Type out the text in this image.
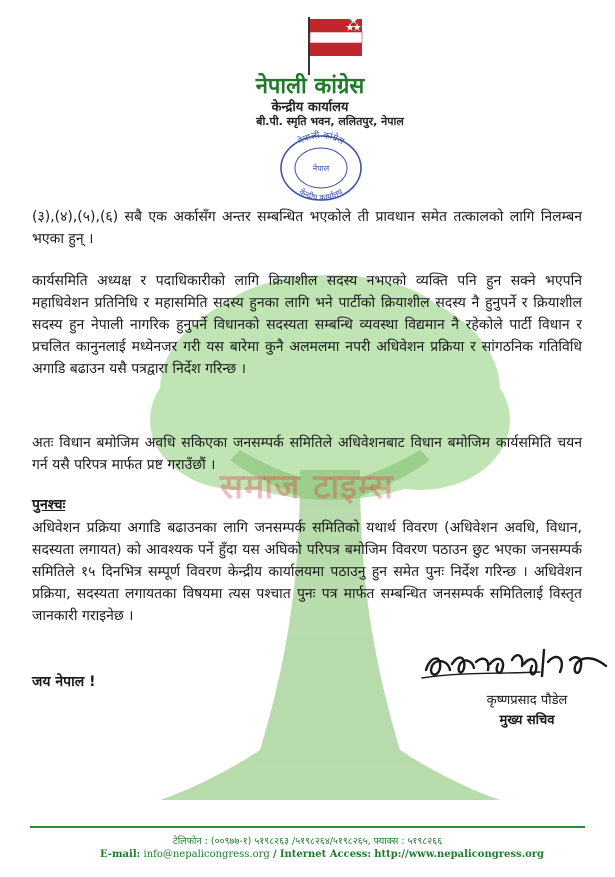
समाज टाइम्स
नेपाली कांग्रेस
केन्द्रीय कार्यालय
बी.पी. स्मृति भवन, ललितपुर, नेपाल
नेपाली कांग्रेस
नेपाल
केन्द्रीय कार्यालय
(३),(४),(५),(६) सबै एक अर्कासँग अन्तर सम्बन्धित भएकोले ती प्रावधान समेत तत्कालको लागि निलम्बन भएका हुन् ।
कार्यसमिति अध्यक्ष र पदाधिकारीको लागि क्रियाशील सदस्य नभएको व्यक्ति पनि हुन सक्ने भएपनि महाधिवेशन प्रतिनिधि र महासमिति सदस्य हुनका लागि भने पार्टीको क्रियाशील सदस्य नै हुनुपर्ने र क्रियाशील सदस्य हुन नेपाली नागरिक हुनुपर्ने विधानको सदस्यता सम्बन्धि व्यवस्था विद्यमान नै रहेकोले पार्टी विधान र प्रचलित कानुनलाई मध्येनजर गरी यस बारेमा कुनै अलमलमा नपरी अधिवेशन प्रक्रिया र सांगठनिक गतिविधि अगाडि बढाउन यसै पत्रद्वारा निर्देश गरिन्छ ।
अतः विधान बमोजिम अवधि सकिएका जनसम्पर्क समितिले अधिवेशनबाट विधान बमोजिम कार्यसमिति चयन गर्न यसै परिपत्र मार्फत प्रष्ट गराउँछौं ।
पुनश्चः
अधिवेशन प्रक्रिया अगाडि बढाउनका लागि जनसम्पर्क समितिको यथार्थ विवरण (अधिवेशन अवधि, विधान, सदस्यता लगायत) को आवश्यक पर्ने हुँदा यस अघिको परिपत्र बमोजिम विवरण पठाउन छुट भएका जनसम्पर्क समितिले १५ दिनभित्र सम्पूर्ण विवरण केन्द्रीय कार्यालयमा पठाउनु हुन समेत पुनः निर्देश गरिन्छ । अधिवेशन प्रक्रिया, सदस्यता लगायतका विषयमा त्यस पश्चात पुनः पत्र मार्फत सम्बन्धित जनसम्पर्क समितिलाई विस्तृत जानकारी गराइनेछ ।
जय नेपाल !
कृष्णप्रसाद पौडेल
मुख्य सचिव
टेलिफोन : (००९७७-१) ५१९८२६३ /५१९८२६४/५१९८२६५, फ्याक्स : ५१९८२६६
E-mail: info@nepalicongress.org / Internet Access: http://www.nepalicongress.org
